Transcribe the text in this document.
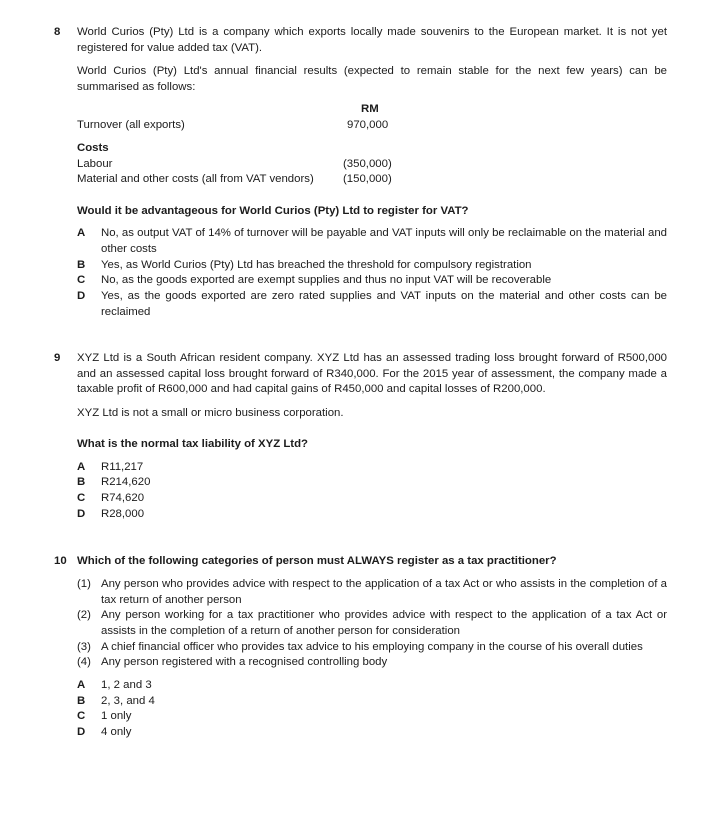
8 World Curios (Pty) Ltd is a company which exports locally made souvenirs to the European market. It is not yet registered for value added tax (VAT).
World Curios (Pty) Ltd's annual financial results (expected to remain stable for the next few years) can be summarised as follows:
RM
Turnover (all exports)	970,000
Costs
Labour	(350,000)
Material and other costs (all from VAT vendors)	(150,000)
Would it be advantageous for World Curios (Pty) Ltd to register for VAT?
A	No, as output VAT of 14% of turnover will be payable and VAT inputs will only be reclaimable on the material and other costs
B	Yes, as World Curios (Pty) Ltd has breached the threshold for compulsory registration
C	No, as the goods exported are exempt supplies and thus no input VAT will be recoverable
D	Yes, as the goods exported are zero rated supplies and VAT inputs on the material and other costs can be reclaimed
9 XYZ Ltd is a South African resident company. XYZ Ltd has an assessed trading loss brought forward of R500,000 and an assessed capital loss brought forward of R340,000. For the 2015 year of assessment, the company made a taxable profit of R600,000 and had capital gains of R450,000 and capital losses of R200,000.
XYZ Ltd is not a small or micro business corporation.
What is the normal tax liability of XYZ Ltd?
A	R11,217
B	R214,620
C	R74,620
D	R28,000
10 Which of the following categories of person must ALWAYS register as a tax practitioner?
(1) Any person who provides advice with respect to the application of a tax Act or who assists in the completion of a tax return of another person
(2) Any person working for a tax practitioner who provides advice with respect to the application of a tax Act or assists in the completion of a return of another person for consideration
(3) A chief financial officer who provides tax advice to his employing company in the course of his overall duties
(4) Any person registered with a recognised controlling body
A	1, 2 and 3
B	2, 3, and 4
C	1 only
D	4 only
